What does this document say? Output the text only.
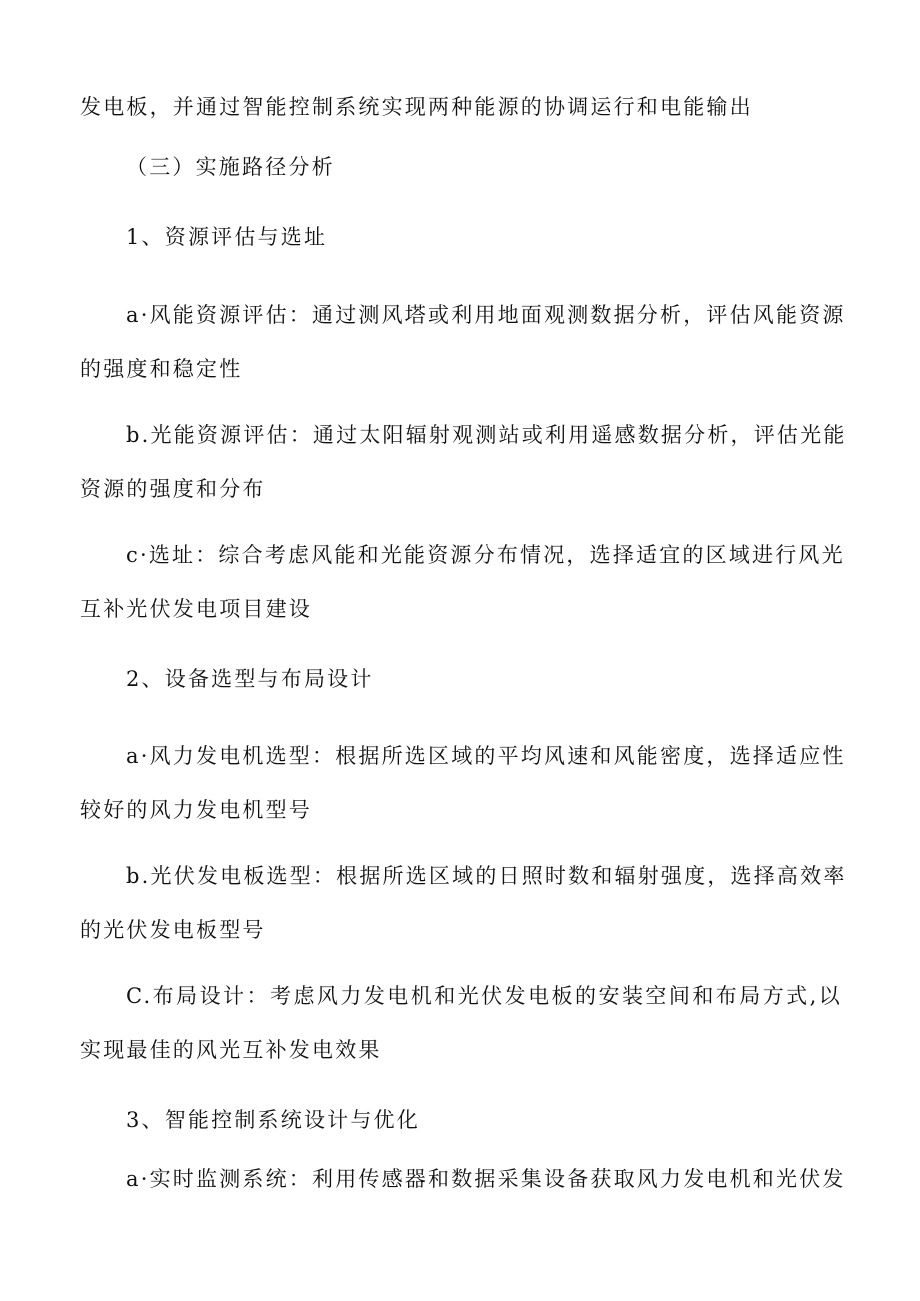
发电板，并通过智能控制系统实现两种能源的协调运行和电能输出
（三）实施路径分析
1、资源评估与选址
a·风能资源评估：通过测风塔或利用地面观测数据分析，评估风能资源
的强度和稳定性
b.光能资源评估：通过太阳辐射观测站或利用遥感数据分析，评估光能
资源的强度和分布
c·选址：综合考虑风能和光能资源分布情况，选择适宜的区域进行风光
互补光伏发电项目建设
2、设备选型与布局设计
a·风力发电机选型：根据所选区域的平均风速和风能密度，选择适应性
较好的风力发电机型号
b.光伏发电板选型：根据所选区域的日照时数和辐射强度，选择高效率
的光伏发电板型号
C.布局设计：考虑风力发电机和光伏发电板的安装空间和布局方式,以
实现最佳的风光互补发电效果
3、智能控制系统设计与优化
a·实时监测系统：利用传感器和数据采集设备获取风力发电机和光伏发
